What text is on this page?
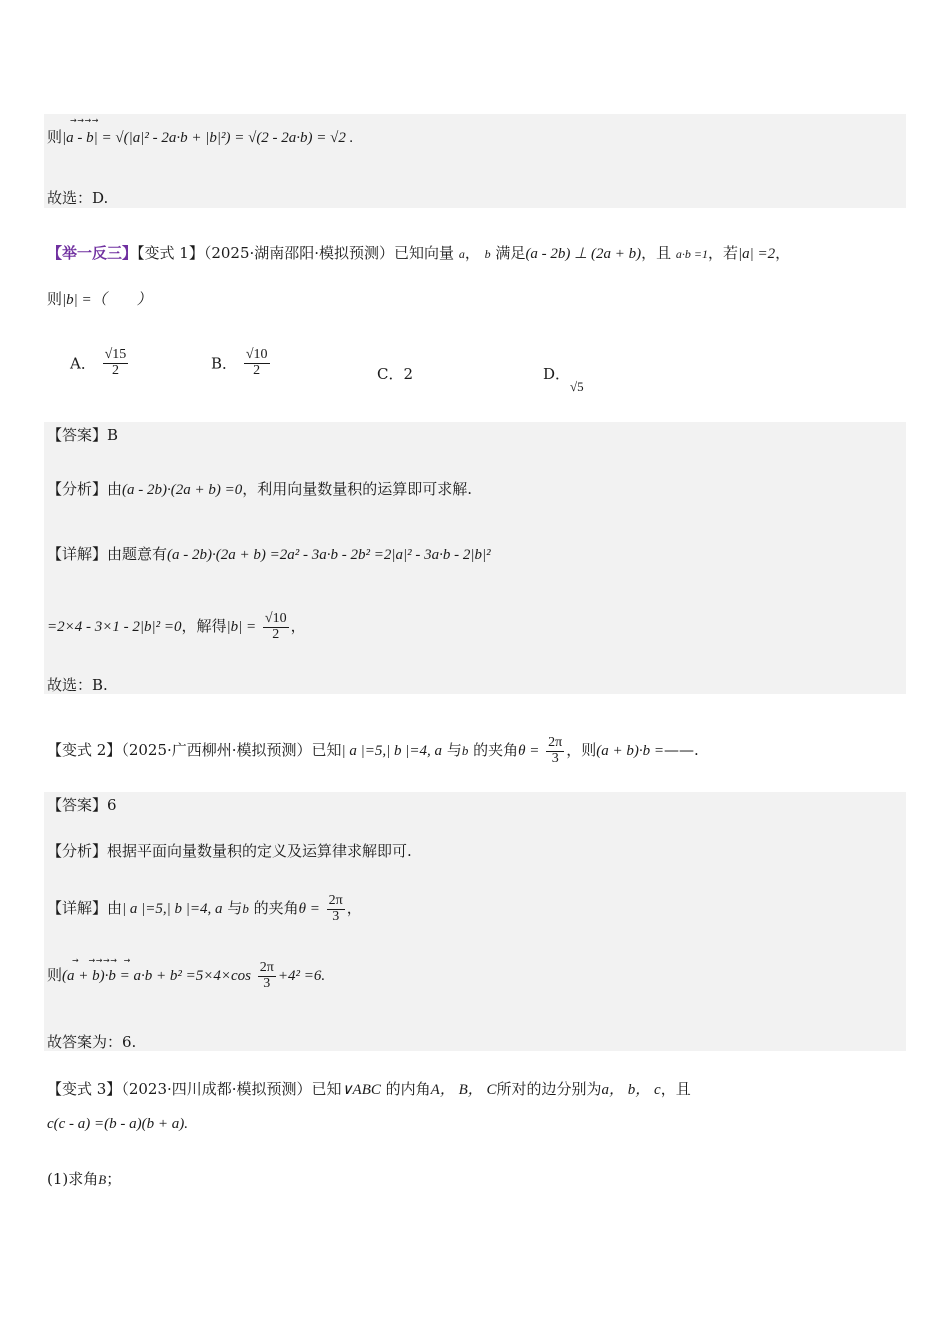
则|a - b| = √(|a|² - 2a·b + |b|²) = √(2 - 2a·b) = √2 .
→ → → →
故选：D.
【举一反三】【变式 1】（2025·湖南邵阳·模拟预测）已知向量 a， b 满足(a - 2b) ⊥ (2a + b)，且 a·b =1，若|a| =2，
则|b| =（　　）
A． $\frac{√15}{2}$	B． $\frac{√10}{2}$	C．2	D．√5
【答案】B
【分析】由(a - 2b)·(2a + b) =0，利用向量数量积的运算即可求解.
【详解】由题意有(a - 2b)·(2a + b) =2a² - 3a·b - 2b² =2|a|² - 3a·b - 2|b|²
=2×4 - 3×1 - 2|b|² =0，解得$|b| = \frac{√10}{2}$ ，
故选：B.
【变式 2】（2025·广西柳州·模拟预测）已知| a |=5,| b |=4, a 与b 的夹角$\theta = \frac{2\pi}{3}$ ，则(a + b)·b =——.
【答案】6
【分析】根据平面向量数量积的定义及运算律求解即可.
【详解】由| a |=5,| b |=4, a 与b 的夹角$\theta = \frac{2\pi}{3}$ ，
→       → → → →     →
则$(a + b)\cdot b = a\cdot b + b^2 =5\times 4\times\cos \frac{2\pi}{3} +4^2 =6$.
故答案为：6.
【变式 3】（2023·四川成都·模拟预测）已知∨ABC 的内角A， B， C所对的边分别为a， b， c，且
c(c - a) =(b - a)(b + a).
(1)求角B；
